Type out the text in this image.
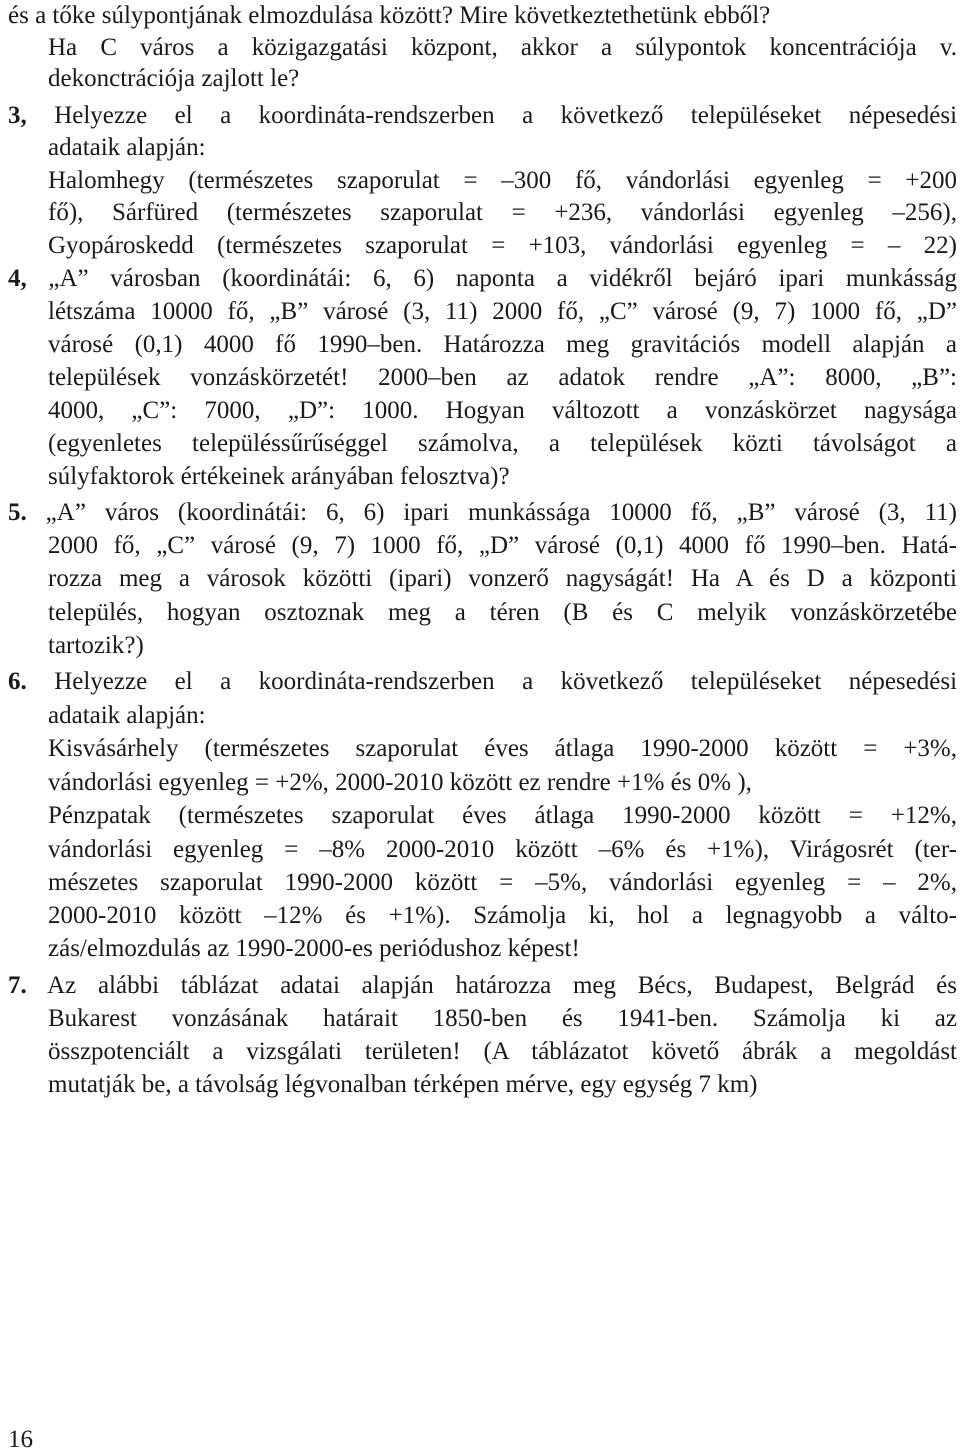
és a tőke súlypontjának elmozdulása között? Mire következtethetünk ebből?
Ha C város a közigazgatási központ, akkor a súlypontok koncentrációja v.
dekonctrációja zajlott le?
3, Helyezze el a koordináta-rendszerben a következő településeket népesedési
adataik alapján:
Halomhegy (természetes szaporulat = –300 fő, vándorlási egyenleg = +200
fő), Sárfüred (természetes szaporulat = +236, vándorlási egyenleg –256),
Gyopároskedd (természetes szaporulat = +103, vándorlási egyenleg = – 22)
4, „A” városban (koordinátái: 6, 6) naponta a vidékről bejáró ipari munkásság
létszáma 10000 fő, „B” városé (3, 11) 2000 fő, „C” városé (9, 7) 1000 fő, „D”
városé (0,1) 4000 fő 1990–ben. Határozza meg gravitációs modell alapján a
települések vonzáskörzetét! 2000–ben az adatok rendre „A”: 8000, „B”:
4000, „C”: 7000, „D”: 1000. Hogyan változott a vonzáskörzet nagysága
(egyenletes településsűrűséggel számolva, a települések közti távolságot a
súlyfaktorok értékeinek arányában felosztva)?
5. „A” város (koordinátái: 6, 6) ipari munkássága 10000 fő, „B” városé (3, 11)
2000 fő, „C” városé (9, 7) 1000 fő, „D” városé (0,1) 4000 fő 1990–ben. Hatá-
rozza meg a városok közötti (ipari) vonzerő nagyságát! Ha A és D a központi
település, hogyan osztoznak meg a téren (B és C melyik vonzáskörzetébe
tartozik?)
6. Helyezze el a koordináta-rendszerben a következő településeket népesedési
adataik alapján:
Kisvásárhely (természetes szaporulat éves átlaga 1990-2000 között = +3%,
vándorlási egyenleg = +2%, 2000-2010 között ez rendre +1% és 0% ),
Pénzpatak (természetes szaporulat éves átlaga 1990-2000 között = +12%,
vándorlási egyenleg = –8% 2000-2010 között –6% és +1%), Virágosrét (ter-
mészetes szaporulat 1990-2000 között = –5%, vándorlási egyenleg = – 2%,
2000-2010 között –12% és +1%). Számolja ki, hol a legnagyobb a válto-
zás/elmozdulás az 1990-2000-es periódushoz képest!
7. Az alábbi táblázat adatai alapján határozza meg Bécs, Budapest, Belgrád és
Bukarest vonzásának határait 1850-ben és 1941-ben. Számolja ki az
összpotenciált a vizsgálati területen! (A táblázatot követő ábrák a megoldást
mutatják be, a távolság légvonalban térképen mérve, egy egység 7 km)
16
